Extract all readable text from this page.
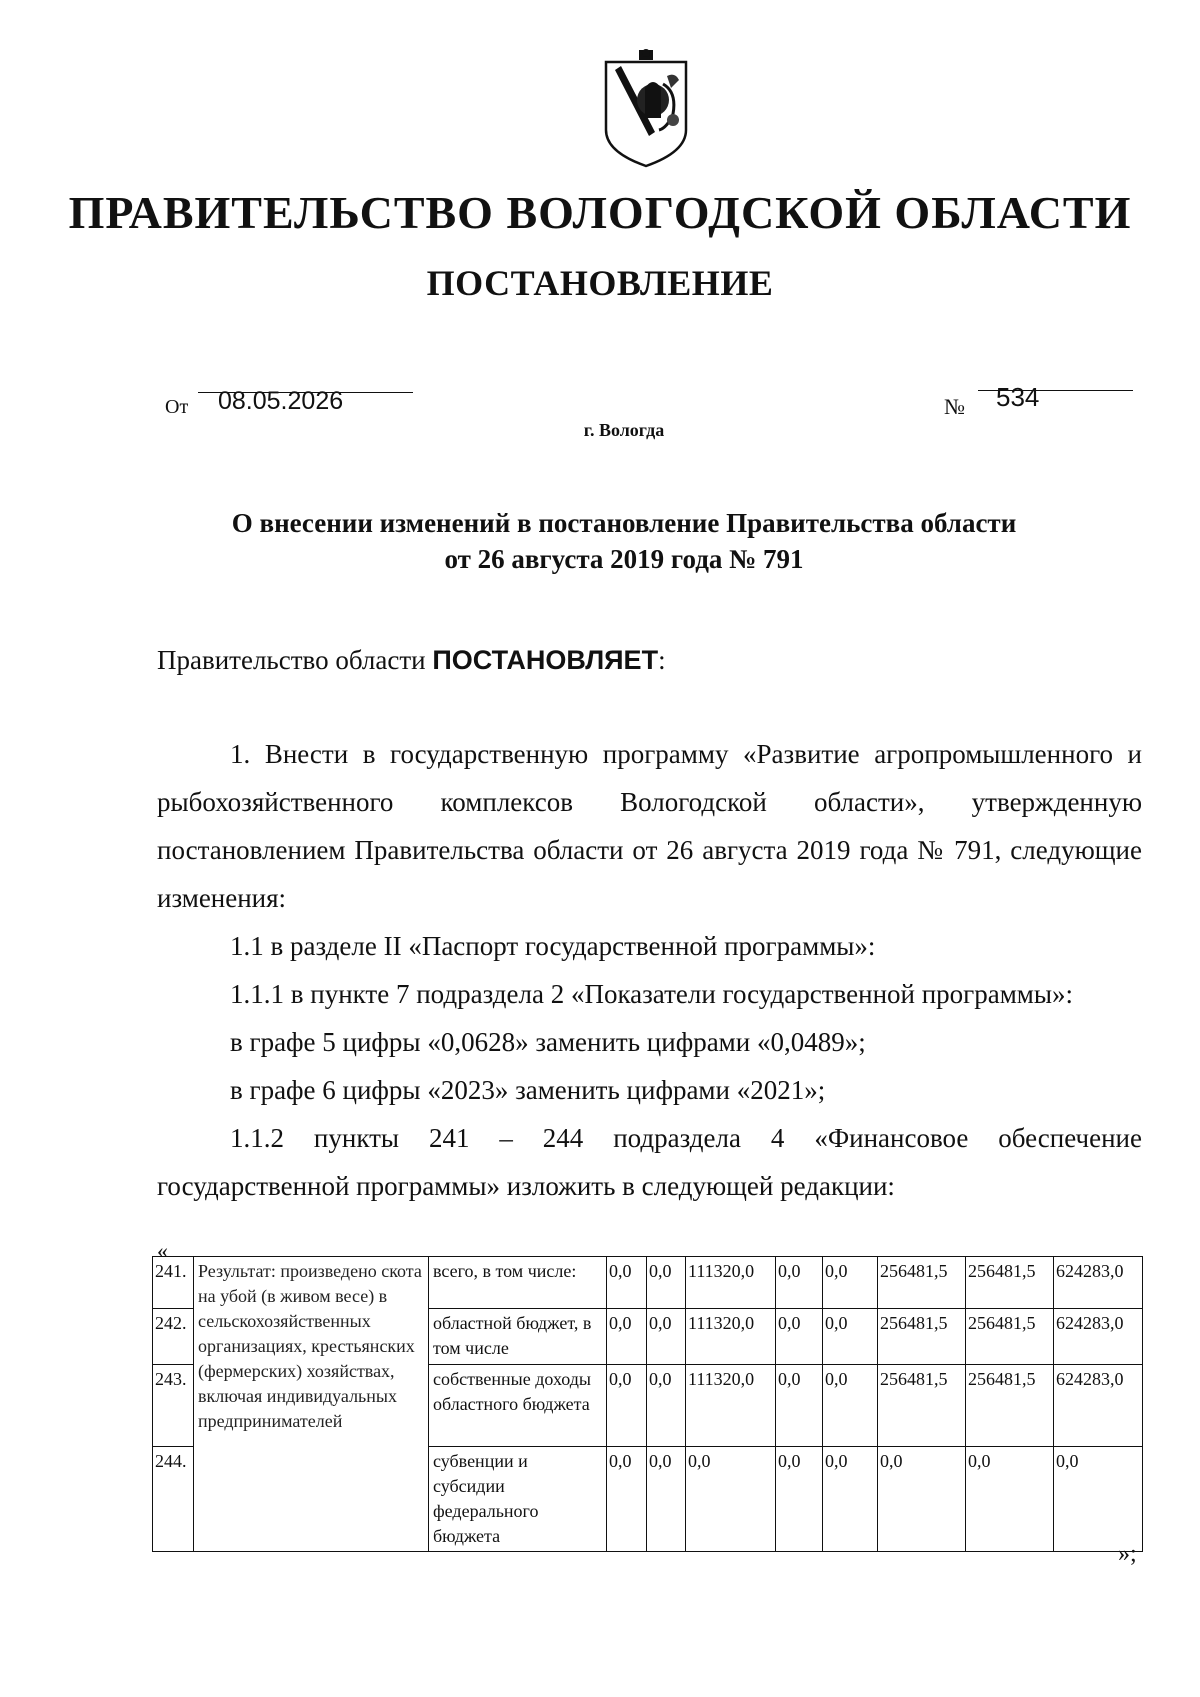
ПРАВИТЕЛЬСТВО ВОЛОГОДСКОЙ ОБЛАСТИ
ПОСТАНОВЛЕНИЕ
От 08.05.2026	№ 534
г. Вологда
О внесении изменений в постановление Правительства области
от 26 августа 2019 года № 791
Правительство области ПОСТАНОВЛЯЕТ:

1. Внести в государственную программу «Развитие агропромышленного и рыбохозяйственного комплексов Вологодской области», утвержденную постановлением Правительства области от 26 августа 2019 года № 791, следующие изменения:

1.1 в разделе II «Паспорт государственной программы»:

1.1.1 в пункте 7 подраздела 2 «Показатели государственной программы»:

в графе 5 цифры «0,0628» заменить цифрами «0,0489»;

в графе 6 цифры «2023» заменить цифрами «2021»;

1.1.2 пункты 241 – 244 подраздела 4 «Финансовое обеспечение государственной программы» изложить в следующей редакции:

«
241.	Результат: произведено скота на убой (в живом весе) в сельскохозяйственных организациях, крестьянских (фермерских) хозяйствах, включая индивидуальных предпринимателей	всего, в том числе:	0,0	0,0	111320,0	0,0	0,0	256481,5	256481,5	624283,0
242.		областной бюджет, в том числе	0,0	0,0	111320,0	0,0	0,0	256481,5	256481,5	624283,0
243.		собственные доходы областного бюджета	0,0	0,0	111320,0	0,0	0,0	256481,5	256481,5	624283,0
244.		субвенции и субсидии федерального бюджета	0,0	0,0	0,0	0,0	0,0	0,0	0,0	0,0
»;
